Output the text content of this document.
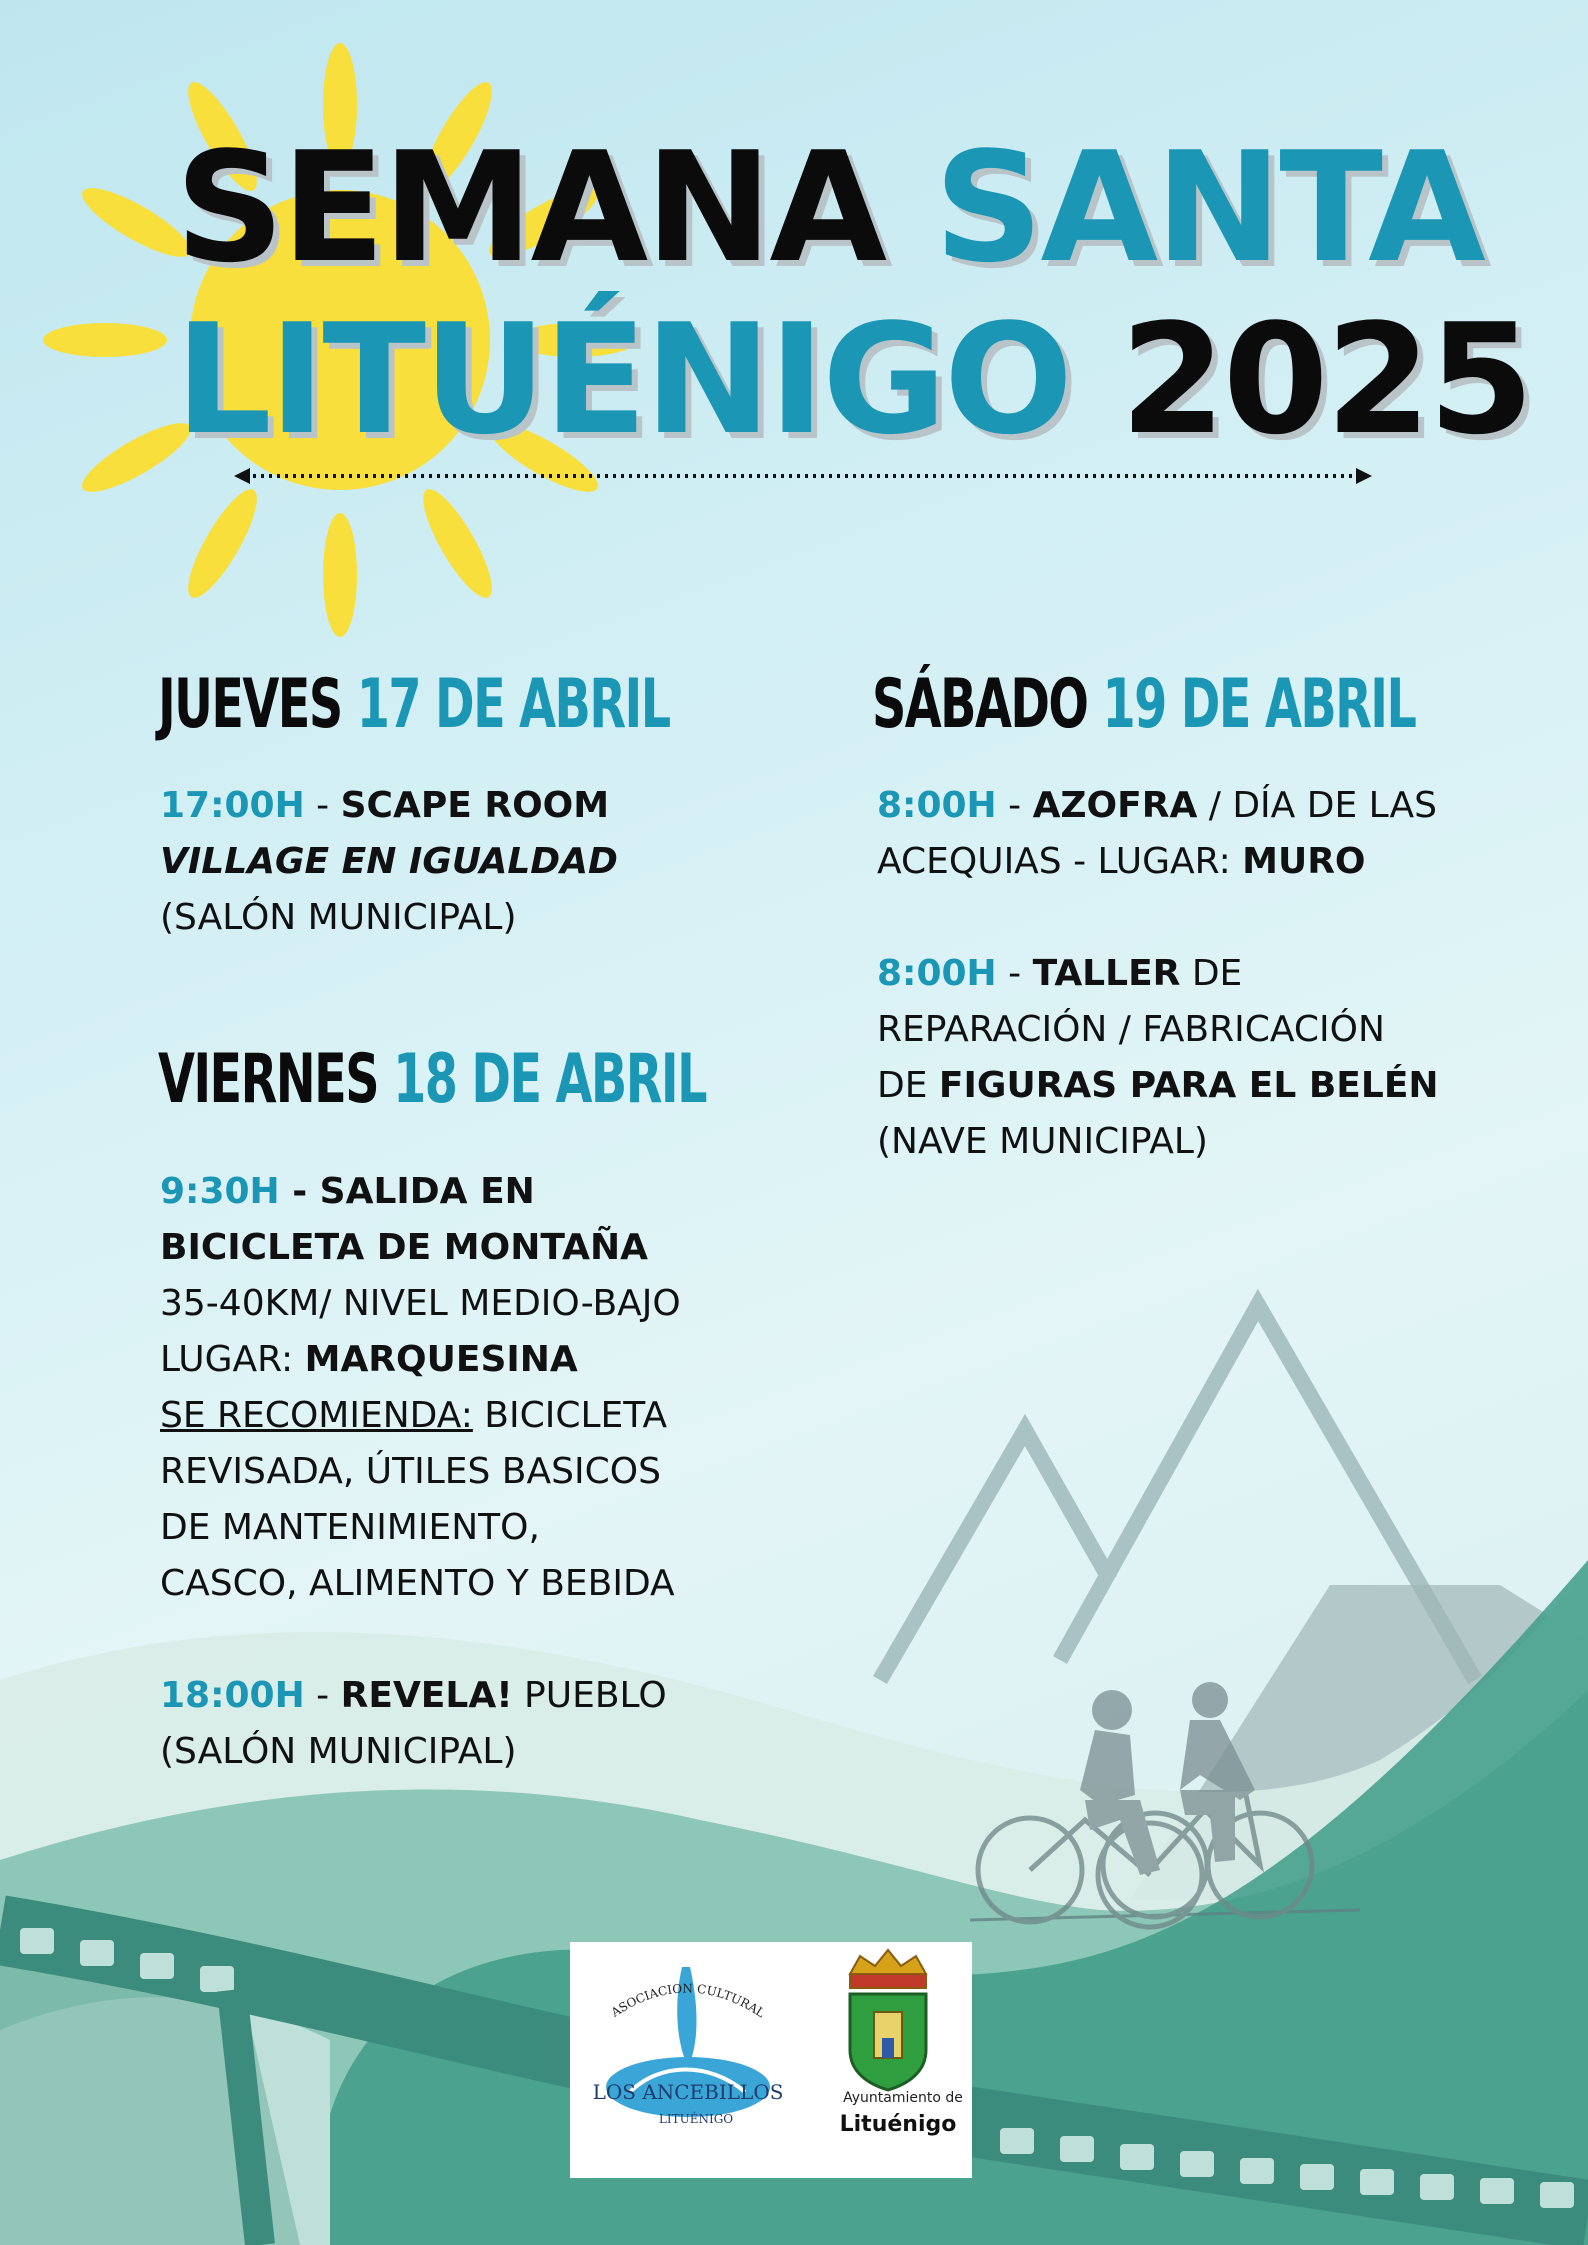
SEMANA SANTA
LITUÉNIGO 2025
JUEVES 17 DE ABRIL

17:00H - SCAPE ROOM

VILLAGE EN IGUALDAD

(SALÓN MUNICIPAL)

VIERNES 18 DE ABRIL

9:30H - SALIDA EN

BICICLETA DE MONTAÑA

35-40KM/ NIVEL MEDIO-BAJO

LUGAR: MARQUESINA

SE RECOMIENDA: BICICLETA

REVISADA, ÚTILES BASICOS

DE MANTENIMIENTO,

CASCO, ALIMENTO Y BEBIDA

18:00H - REVELA! PUEBLO

(SALÓN MUNICIPAL)

SÁBADO 19 DE ABRIL

8:00H - AZOFRA / DÍA DE LAS

ACEQUIAS - LUGAR: MURO

8:00H - TALLER DE

REPARACIÓN / FABRICACIÓN

DE FIGURAS PARA EL BELÉN

(NAVE MUNICIPAL)

ASOCIACION CULTURAL
LOS ANCEBILLOS
LITUÉNIGO
Ayuntamiento de
Lituénigo
